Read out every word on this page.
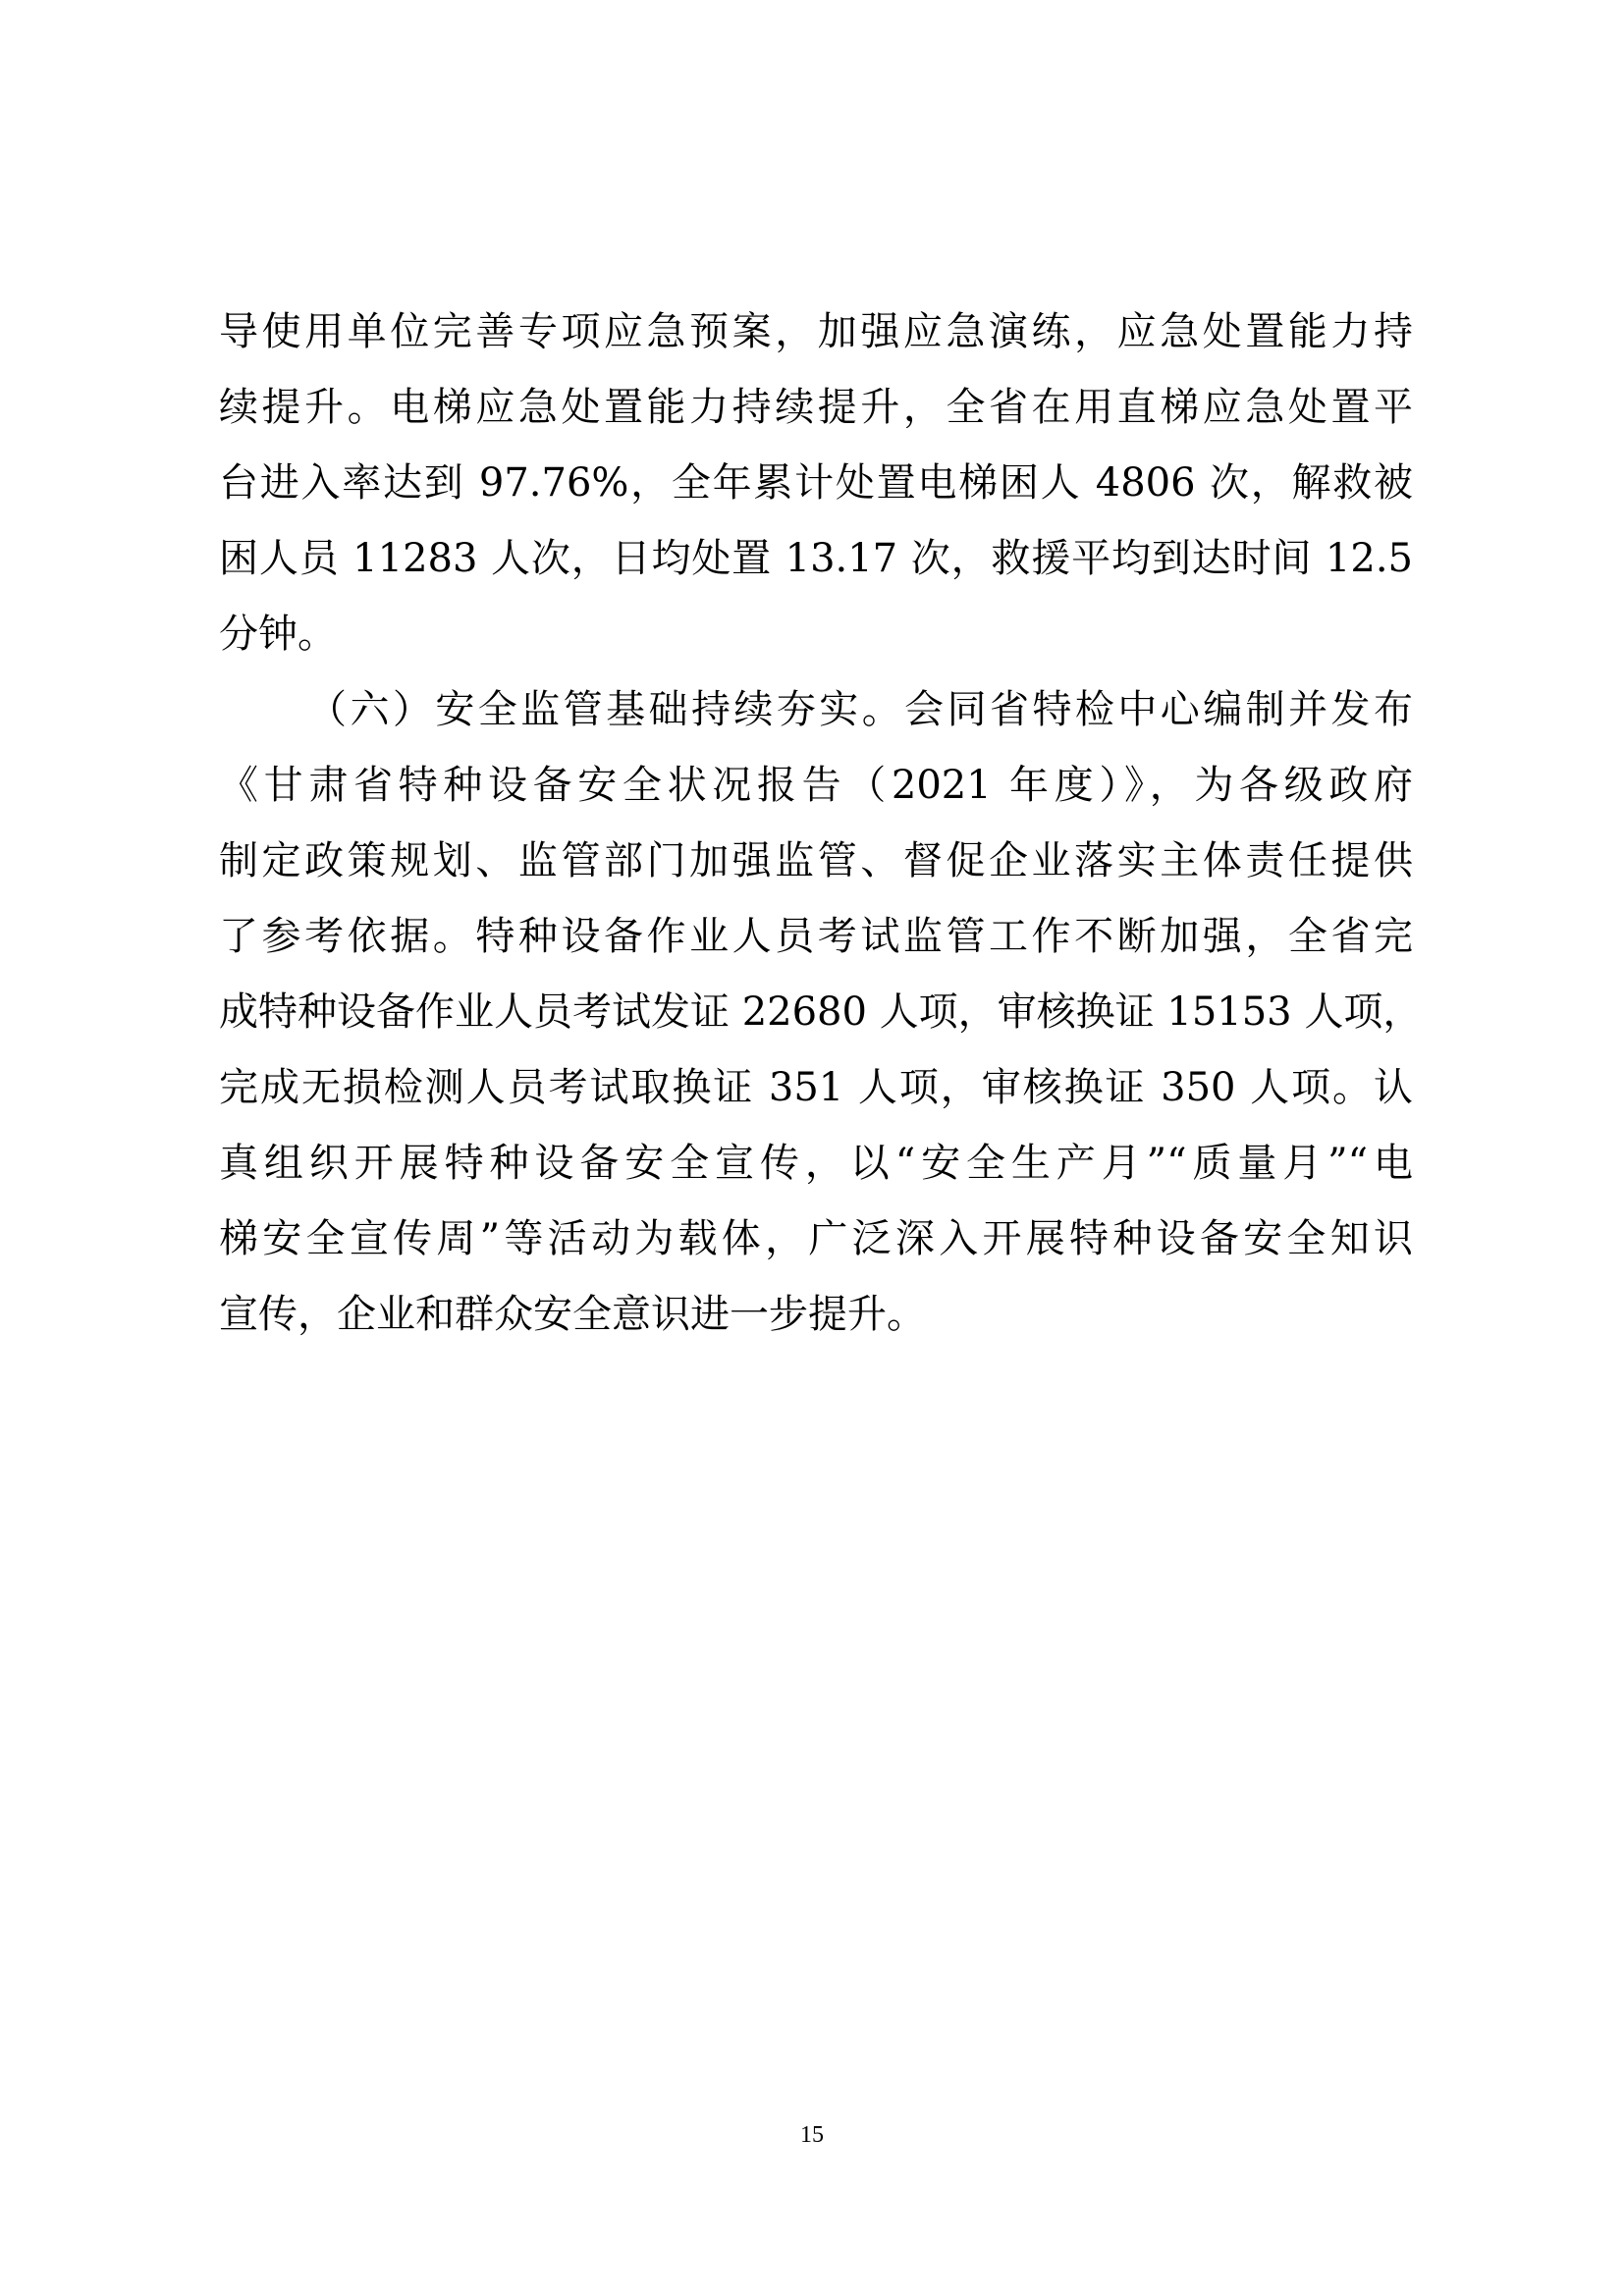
导使用单位完善专项应急预案，加强应急演练，应急处置能力持
续提升。电梯应急处置能力持续提升，全省在用直梯应急处置平
台进入率达到 97.76%，全年累计处置电梯困人 4806 次，解救被
困人员 11283 人次，日均处置 13.17 次，救援平均到达时间 12.5
分钟。
（六）安全监管基础持续夯实。会同省特检中心编制并发布
《甘肃省特种设备安全状况报告（2021 年度）》，为各级政府
制定政策规划、监管部门加强监管、督促企业落实主体责任提供
了参考依据。特种设备作业人员考试监管工作不断加强，全省完
成特种设备作业人员考试发证 22680 人项，审核换证 15153 人项，
完成无损检测人员考试取换证 351 人项，审核换证 350 人项。认
真组织开展特种设备安全宣传，以“安全生产月”“质量月”“电
梯安全宣传周”等活动为载体，广泛深入开展特种设备安全知识
宣传，企业和群众安全意识进一步提升。
15
